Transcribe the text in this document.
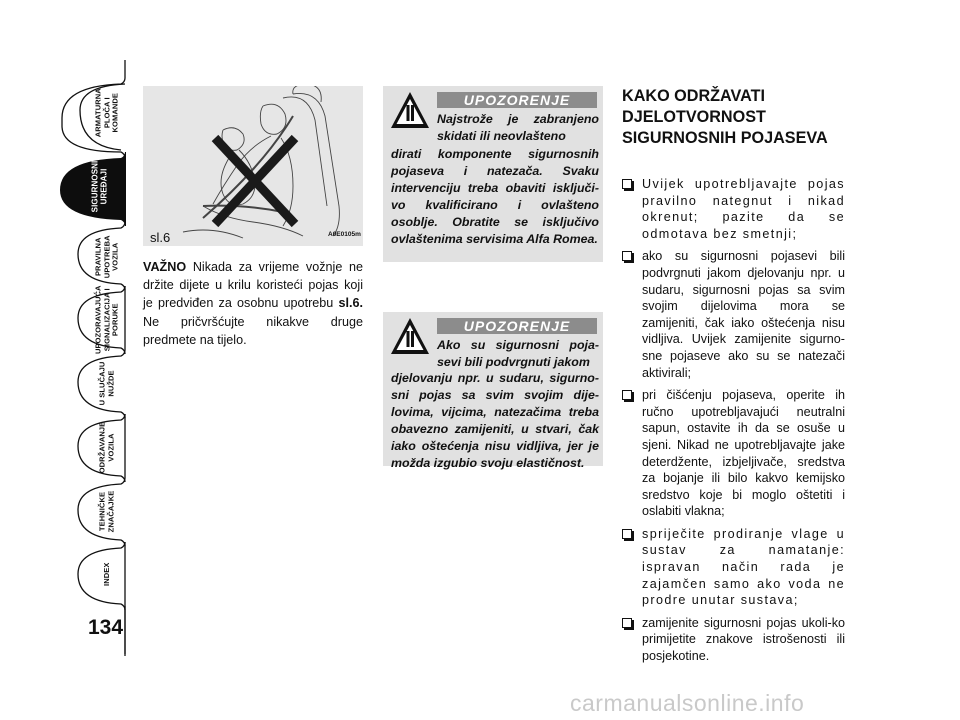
ARMATURNA
PLOČA I
KOMANDE
SIGURNOSNI
UREĐAJI
PRAVILNA
UPOTREBA
VOZILA
UPOZORAVAJUĆA
SIGNALIZACIJA I
PORUKE
U SLUČAJU
NUŽDE
ODRŽAVANJE
VOZILA
TEHNIČKE
ZNAČAJKE
INDEX
134
sl.6	A0E0105m
VAŽNO Nikada za vrijeme vožnje ne držite dijete u krilu koristeći pojas koji je predviđen za osobnu upotrebu sl.6. Ne pričvršćujte nikakve druge predmete na tijelo.
UPOZORENJE
Najstrože je zabranjeno skidati ili neovlašteno
dirati komponente sigurnosnih pojaseva i natezača. Svaku intervenciju treba obaviti isključi-vo kvalificirano i ovlašteno osoblje. Obratite se isključivo ovlaštenima servisima Alfa Romea.
UPOZORENJE
Ako su sigurnosni poja-sevi bili podvrgnuti jakom
djelovanju npr. u sudaru, sigurno-sni pojas sa svim svojim dije-lovima, vijcima, natezačima treba obavezno zamijeniti, u stvari, čak iako oštećenja nisu vidljiva, jer je možda izgubio svoju elastičnost.
KAKO ODRŽAVATI DJELOTVORNOST SIGURNOSNIH POJASEVA
Uvijek upotrebljavajte pojas pravilno nategnut i nikad okrenut; pazite da se odmotava bez smetnji;
ako su sigurnosni pojasevi bili podvrgnuti jakom djelovanju npr. u sudaru, sigurnosni pojas sa svim svojim dijelovima mora se zamijeniti, čak iako oštećenja nisu vidljiva. Uvijek zamijenite sigurno-sne pojaseve ako su se natezači aktivirali;
pri čišćenju pojaseva, operite ih ručno upotrebljavajući neutralni sapun, ostavite ih da se osuše u sjeni. Nikad ne upotrebljavajte jake deterdžente, izbjeljivače, sredstva za bojanje ili bilo kakvo kemijsko sredstvo koje bi moglo oštetiti i oslabiti vlakna;
spriječite prodiranje vlage u sustav za namatanje: ispravan način rada je zajamčen samo ako voda ne prodre unutar sustava;
zamijenite sigurnosni pojas ukoli-ko primijetite znakove istrošenosti ili posjekotine.
carmanualsonline.info
